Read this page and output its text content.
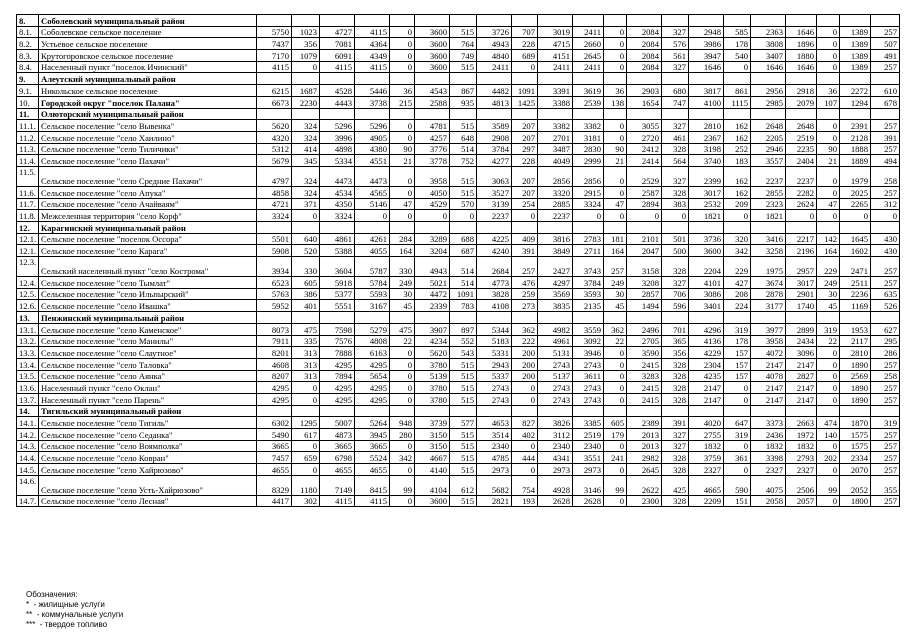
8.	Соболевский муниципальный район																					
8.1.	Соболевское сельское поселение	5750	1023	4727	4115	0	3600	515	3726	707	3019	2411	0	2084	327	2948	585	2363	1646	0	1389	257
8.2.	Устьевое сельское поселение	7437	356	7081	4364	0	3600	764	4943	228	4715	2660	0	2084	576	3986	178	3808	1896	0	1389	507
8.3.	Крутогоровское сельское поселение	7170	1079	6091	4349	0	3600	749	4840	689	4151	2645	0	2084	561	3947	540	3407	1880	0	1389	491
8.4.	Населенный пункт "поселок Ичинский"	4115	0	4115	4115	0	3600	515	2411	0	2411	2411	0	2084	327	1646	0	1646	1646	0	1389	257
9.	Алеутский муниципальный район																					
9.1.	Никольское сельское поселение	6215	1687	4528	5446	36	4543	867	4482	1091	3391	3619	36	2903	680	3817	861	2956	2918	36	2272	610
10.	Городской округ "поселок Палана"	6673	2230	4443	3738	215	2588	935	4813	1425	3388	2539	138	1654	747	4100	1115	2985	2079	107	1294	678
11.	Олюторский муниципальный район																					
11.1.	Сельское поселение "село Вывенка"	5620	324	5296	5296	0	4781	515	3589	207	3382	3382	0	3055	327	2810	162	2648	2648	0	2391	257
11.2.	Сельское поселение "село Хаилино"	4320	324	3996	4905	0	4257	648	2908	207	2701	3181	0	2720	461	2367	162	2205	2519	0	2128	391
11.3.	Сельское поселение "село Тиличики"	5312	414	4898	4380	90	3776	514	3784	297	3487	2830	90	2412	328	3198	252	2946	2235	90	1888	257
11.4.	Сельское поселение "село Пахачи"	5679	345	5334	4551	21	3778	752	4277	228	4049	2999	21	2414	564	3740	183	3557	2404	21	1889	494
11.5.	Сельское поселение "село Средние Пахачи"	4797	324	4473	4473	0	3958	515	3063	207	2856	2856	0	2529	327	2399	162	2237	2237	0	1979	258
11.6.	Сельское поселение "село Апука"	4858	324	4534	4565	0	4050	515	3527	207	3320	2915	0	2587	328	3017	162	2855	2282	0	2025	257
11.7.	Сельское поселение "село Ачайваям"	4721	371	4350	5146	47	4529	570	3139	254	2885	3324	47	2894	383	2532	209	2323	2624	47	2265	312
11.8.	Межселенная территория "село Корф"	3324	0	3324	0	0	0	0	2237	0	2237	0	0	0	0	1821	0	1821	0	0	0	0
12.	Карагинский муниципальный район																					
12.1.	Сельское поселение "поселок Оссора"	5501	640	4861	4261	284	3289	688	4225	409	3816	2783	181	2101	501	3736	320	3416	2217	142	1645	430
12.1.	Сельское поселение "село Карага"	5908	520	5388	4055	164	3204	687	4240	391	3849	2711	164	2047	500	3600	342	3258	2196	164	1602	430
12.3.	Сельский населенный пункт "село Кострома"	3934	330	3604	5787	330	4943	514	2684	257	2427	3743	257	3158	328	2204	229	1975	2957	229	2471	257
12.4.	Сельское поселение "село Тымлат"	6523	605	5918	5784	249	5021	514	4773	476	4297	3784	249	3208	327	4101	427	3674	3017	249	2511	257
12.5.	Сельское поселение "село Ильпырский"	5763	386	5377	5593	30	4472	1091	3828	259	3569	3593	30	2857	706	3086	208	2878	2901	30	2236	635
12.6.	Сельское поселение "село Ивашка"	5952	401	5551	3167	45	2339	783	4108	273	3835	2135	45	1494	596	3401	224	3177	1740	45	1169	526
13.	Пенжинский муниципальный район																					
13.1.	Сельское поселение "село Каменское"	8073	475	7598	5279	475	3907	897	5344	362	4982	3559	362	2496	701	4296	319	3977	2899	319	1953	627
13.2.	Сельское поселение "село Манилы"	7911	335	7576	4808	22	4234	552	5183	222	4961	3092	22	2705	365	4136	178	3958	2434	22	2117	295
13.3.	Сельское поселение "село Слаутное"	8201	313	7888	6163	0	5620	543	5331	200	5131	3946	0	3590	356	4229	157	4072	3096	0	2810	286
13.4.	Сельское поселение "село Таловка"	4608	313	4295	4295	0	3780	515	2943	200	2743	2743	0	2415	328	2304	157	2147	2147	0	1890	257
13.5.	Сельское поселение "село Аянка"	8207	313	7894	5654	0	5139	515	5337	200	5137	3611	0	3283	328	4235	157	4078	2827	0	2569	258
13.6.	Населенный пункт "село Оклан"	4295	0	4295	4295	0	3780	515	2743	0	2743	2743	0	2415	328	2147	0	2147	2147	0	1890	257
13.7.	Населенный пункт "село Парень"	4295	0	4295	4295	0	3780	515	2743	0	2743	2743	0	2415	328	2147	0	2147	2147	0	1890	257
14.	Тигильский муниципальный район																					
14.1.	Сельское поселение "село Тигиль"	6302	1295	5007	5264	948	3739	577	4653	827	3826	3385	605	2389	391	4020	647	3373	2663	474	1870	319
14.2.	Сельское поселение "село Седанка"	5490	617	4873	3945	280	3150	515	3514	402	3112	2519	179	2013	327	2755	319	2436	1972	140	1575	257
14.3.	Сельское поселение "село Воямполка"	3665	0	3665	3665	0	3150	515	2340	0	2340	2340	0	2013	327	1832	0	1832	1832	0	1575	257
14.4.	Сельское поселение "село Ковран"	7457	659	6798	5524	342	4667	515	4785	444	4341	3551	241	2982	328	3759	361	3398	2793	202	2334	257
14.5.	Сельское поселение "село Хайрюзово"	4655	0	4655	4655	0	4140	515	2973	0	2973	2973	0	2645	328	2327	0	2327	2327	0	2070	257
14.6.	Сельское поселение "село Усть-Хайрюзово"	8329	1180	7149	8415	99	4104	612	5682	754	4928	3146	99	2622	425	4665	590	4075	2506	99	2052	355
14.7.	Сельское поселение "село Лесная"	4417	302	4115	4115	0	3600	515	2821	193	2628	2628	0	2300	328	2209	151	2058	2057	0	1800	257
Обозначения:
* - жилищные услуги
** - коммунальные услуги
*** - твердое топливо
